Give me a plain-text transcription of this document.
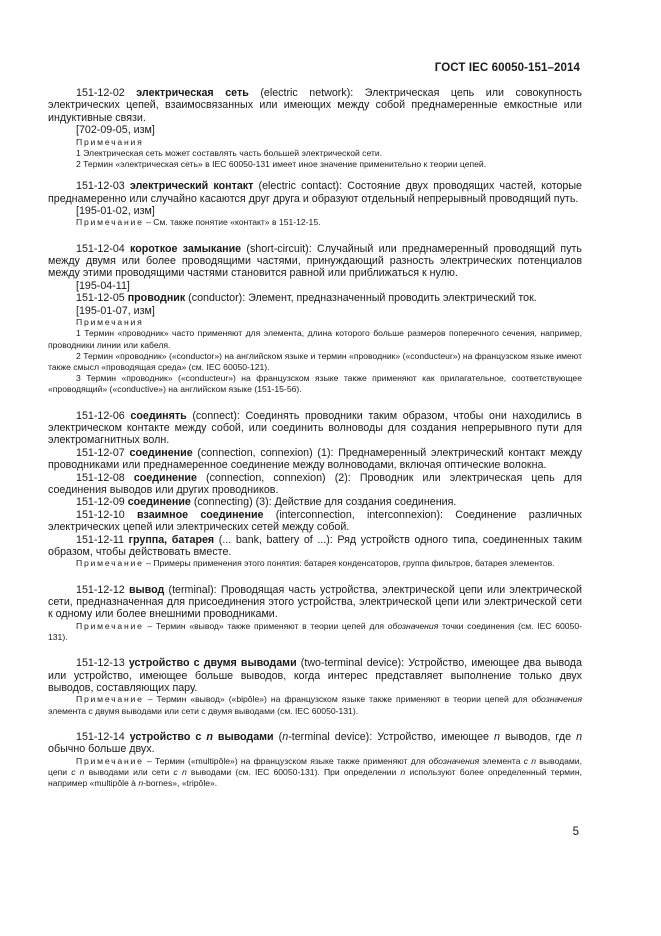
ГОСТ IEC 60050-151–2014

151-12-02 электрическая сеть (electric network): Электрическая цепь или совокупность электрических цепей, взаимосвязанных или имеющих между собой преднамеренные емкостные или индуктивные связи.

[702-09-05, изм]

Примечания

1 Электрическая сеть может составлять часть большей электрической сети.

2 Термин «электрическая сеть» в IEC 60050-131 имеет иное значение применительно к теории цепей.

151-12-03 электрический контакт (electric contact): Состояние двух проводящих частей, которые преднамеренно или случайно касаются друг друга и образуют отдельный непрерывный проводящий путь.

[195-01-02, изм]

Примечание – См. также понятие «контакт» в 151-12-15.

151-12-04 короткое замыкание (short-circuit): Случайный или преднамеренный проводящий путь между двумя или более проводящими частями, принуждающий разность электрических потенциалов между этими проводящими частями становится равной или приближаться к нулю.

[195-04-11]

151-12-05 проводник (conductor): Элемент, предназначенный проводить электрический ток.

[195-01-07, изм]

Примечания

1 Термин «проводник» часто применяют для элемента, длина которого больше размеров поперечного сечения, например, проводники линии или кабеля.

2 Термин «проводник» («conductor») на английском языке и термин «проводник» («conducteur») на французском языке имеют также смысл «проводящая среда» (см. IEC 60050-121).

3 Термин «проводник» («conducteur») на французском языке также применяют как прилагательное, соответствующее «проводящий» («conductive») на английском языке (151-15-56).

151-12-06 соединять (connect): Соединять проводники таким образом, чтобы они находились в электрическом контакте между собой, или соединить волноводы для создания непрерывного пути для электромагнитных волн.

151-12-07 соединение (connection, connexion) (1): Преднамеренный электрический контакт между проводниками или преднамеренное соединение между волноводами, включая оптические волокна.

151-12-08 соединение (connection, connexion) (2): Проводник или электрическая цепь для соединения выводов или других проводников.

151-12-09 соединение (connecting) (3): Действие для создания соединения.

151-12-10 взаимное соединение (interconnection, interconnexion): Соединение различных электрических цепей или электрических сетей между собой.

151-12-11 группа, батарея (... bank, battery of ...): Ряд устройств одного типа, соединенных таким образом, чтобы действовать вместе.

Примечание – Примеры применения этого понятия: батарея конденсаторов, группа фильтров, батарея элементов.

151-12-12 вывод (terminal): Проводящая часть устройства, электрической цепи или электрической сети, предназначенная для присоединения этого устройства, электрической цепи или электрической сети к одному или более внешними проводниками.

Примечание – Термин «вывод» также применяют в теории цепей для обозначения точки соединения (см. IEC 60050-131).

151-12-13 устройство с двумя выводами (two-terminal device): Устройство, имеющее два вывода или устройство, имеющее больше выводов, когда интерес представляет выполнение только двух выводов, составляющих пару.

Примечание – Термин «вывод» («bipôle») на французском языке также применяют в теории цепей для обозначения элемента с двумя выводами или сети с двумя выводами (см. IEC 60050-131).

151-12-14 устройство с n выводами (n-terminal device): Устройство, имеющее n выводов, где n обычно больше двух.

Примечание – Термин («multipôle») на французском языке также применяют для обозначения элемента с n выводами, цепи с n выводами или сети с n выводами (см. IEC 60050-131). При определении n используют более определенный термин, например «multipôle à n-bornes», «tripôle».

5
